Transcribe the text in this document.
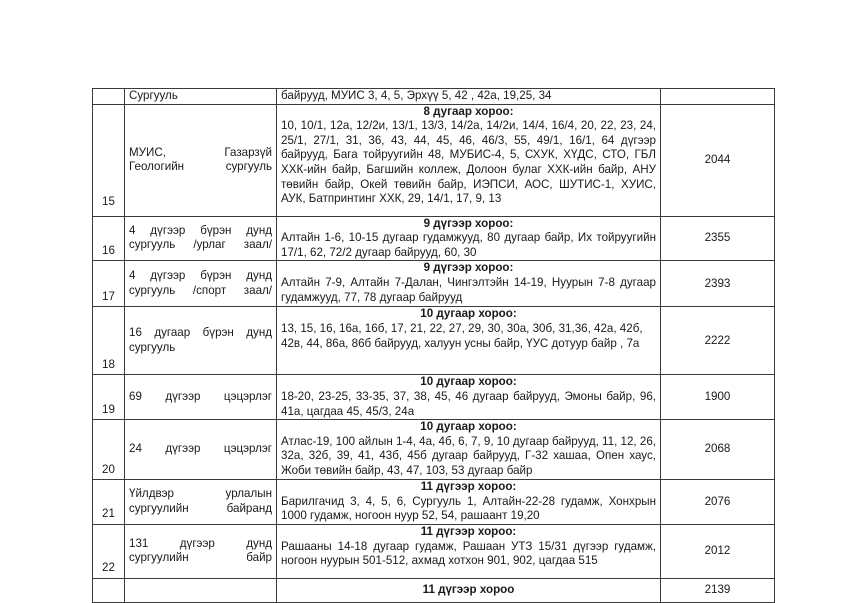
	Сургууль	байрууд, МУИС 3, 4, 5, Эрхүү 5, 42 , 42а, 19,25, 34	

15	МУИС, Газарзүй Геологийн сургууль	8 дугаар хороо:
10, 10/1, 12а, 12/2и, 13/1, 13/3, 14/2а, 14/2и, 14/4, 16/4, 20, 22, 23, 24, 25/1, 27/1, 31, 36, 43, 44, 45, 46, 46/3, 55, 49/1, 16/1, 64 дүгээр байрууд, Бага тойруугийн 48, МУБИС-4, 5, СХУК, ХҮДС, СТО, ГБЛ ХХК-ийн байр, Багшийн коллеж, Долоон булаг ХХК-ийн байр, АНУ төвийн байр, Окей төвийн байр, ИЭПСИ, АОС, ШУТИС-1, ХУИС, АУК, Батпринтинг ХХК, 29, 14/1, 17, 9, 13	2044
16	4 дүгээр бүрэн дунд сургууль /урлаг заал/	9 дүгээр хороо:
Алтайн 1-6, 10-15 дугаар гудамжууд, 80 дугаар байр, Их тойруугийн 17/1, 62, 72/2 дугаар байрууд, 60, 30	2355
17	4 дүгээр бүрэн дунд сургууль /спорт заал/	9 дүгээр хороо:
Алтайн 7-9, Алтайн 7-Далан, Чингэлтэйн 14-19, Нуурын 7-8 дугаар гудамжууд, 77, 78 дугаар байрууд	2393
18	16 дугаар бүрэн дунд сургууль	10 дугаар хороо:
13, 15, 16, 16а, 16б, 17, 21, 22, 27, 29, 30, 30а, 30б, 31,36, 42а, 42б,
42в, 44, 86а, 86б байрууд, халуун усны байр, ҮУС дотуур байр , 7а	2222
19	69 дүгээр цэцэрлэг	10 дугаар хороо:
18-20, 23-25, 33-35, 37, 38, 45, 46 дугаар байрууд, Эмоны байр, 96, 41а, цагдаа 45, 45/3, 24а	1900
20	24 дүгээр цэцэрлэг	10 дугаар хороо:
Атлас-19, 100 айлын 1-4, 4а, 4б, 6, 7, 9, 10 дугаар байрууд, 11, 12, 26, 32а, 32б, 39, 41, 43б, 45б дугаар байрууд, Г-32 хашаа, Опен хаус, Жоби төвийн байр, 43, 47, 103, 53 дугаар байр	2068
21	Үйлдвэр урлалын сургуулийн байранд	11 дүгээр хороо:
Барилгачид 3, 4, 5, 6, Сургууль 1, Алтайн-22-28 гудамж, Хонхрын 1000 гудамж, ногоон нуур 52, 54, рашаант 19,20	2076
22	131 дүгээр дунд сургуулийн байр	11 дүгээр хороо:
Рашааны 14-18 дугаар гудамж, Рашаан УТЗ 15/31 дүгээр гудамж, ногоон нуурын 501-512, ахмад хотхон 901, 902, цагдаа 515	2012

		11 дүгээр хороо	2139
